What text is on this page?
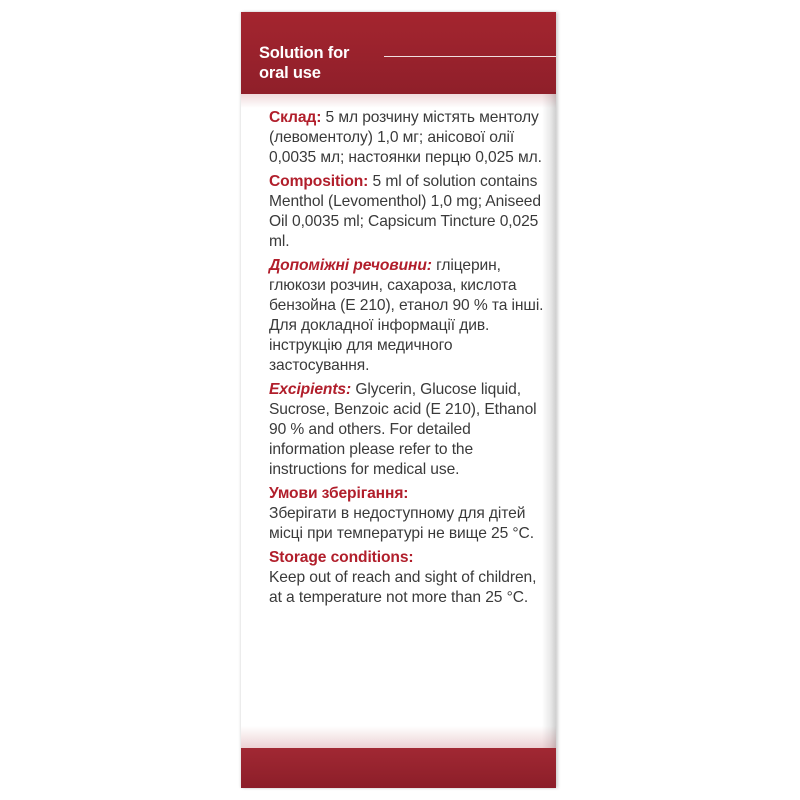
Solution for
oral use

Склад: 5 мл розчину містять ментолу (левоментолу) 1,0 мг; анісової олії 0,0035 мл; настоянки перцю 0,025 мл.

Composition: 5 ml of solution contains Menthol (Levomenthol) 1,0 mg; Aniseed Oil 0,0035 ml; Capsicum Tincture 0,025 ml.

Допоміжні речовини: гліцерин, глюкози розчин, сахароза, кислота бензойна (Е 210), етанол 90 % та інші.

Для докладної інформації див. інструкцію для медичного застосування.

Excipients: Glycerin, Glucose liquid, Sucrose, Benzoic acid (E 210), Ethanol 90 % and others. For detailed information please refer to the instructions for medical use.

Умови зберігання:
Зберігати в недоступному для дітей місці при температурі не вище 25 °С.

Storage conditions:
Keep out of reach and sight of children, at a temperature not more than 25 °С.
